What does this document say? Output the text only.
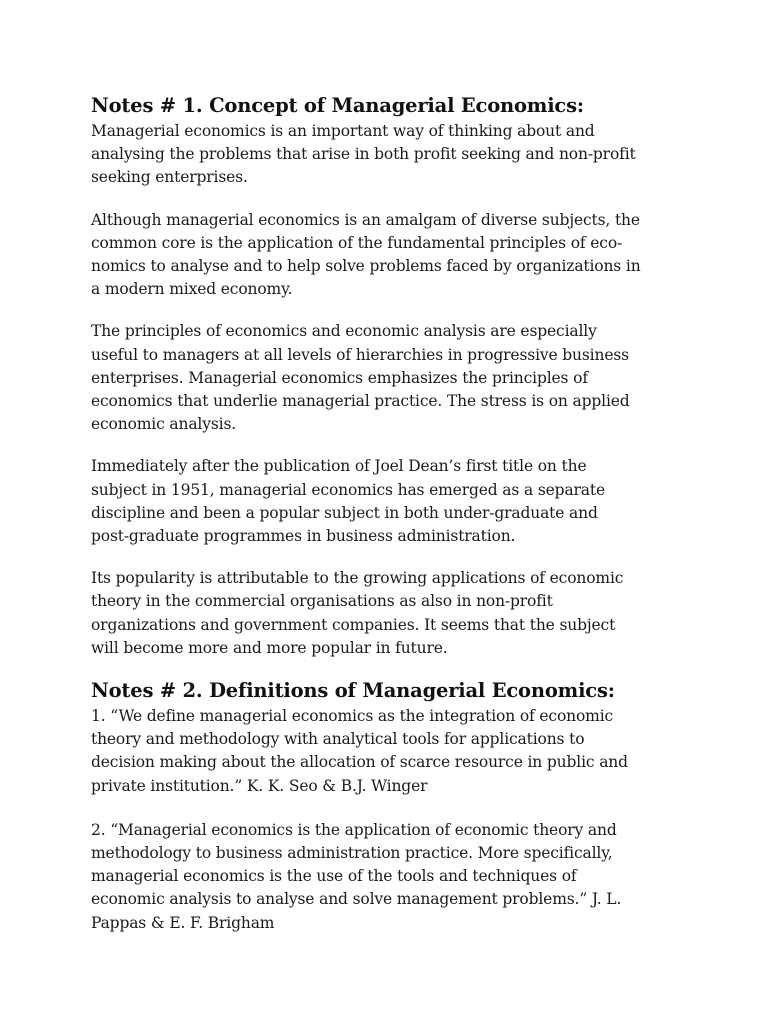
Notes # 1. Concept of Managerial Economics:

Managerial economics is an important way of thinking about and
analysing the problems that arise in both profit seeking and non-profit
seeking enterprises.

Although managerial economics is an amalgam of diverse subjects, the
common core is the application of the fundamental principles of eco-
nomics to analyse and to help solve problems faced by organizations in
a modern mixed economy.

The principles of economics and economic analysis are especially
useful to managers at all levels of hierarchies in progressive business
enterprises. Managerial economics emphasizes the principles of
economics that underlie managerial practice. The stress is on applied
economic analysis.

Immediately after the publication of Joel Dean’s first title on the
subject in 1951, managerial economics has emerged as a separate
discipline and been a popular subject in both under-graduate and
post-graduate programmes in business administration.

Its popularity is attributable to the growing applications of economic
theory in the commercial organisations as also in non-profit
organizations and government companies. It seems that the subject
will become more and more popular in future.

Notes # 2. Definitions of Managerial Economics:

1. “We define managerial economics as the integration of economic
theory and methodology with analytical tools for applications to
decision making about the allocation of scarce resource in public and
private institution.” K. K. Seo & B.J. Winger

2. “Managerial economics is the application of economic theory and
methodology to business administration practice. More specifically,
managerial economics is the use of the tools and techniques of
economic analysis to analyse and solve management problems.” J. L.
Pappas & E. F. Brigham
